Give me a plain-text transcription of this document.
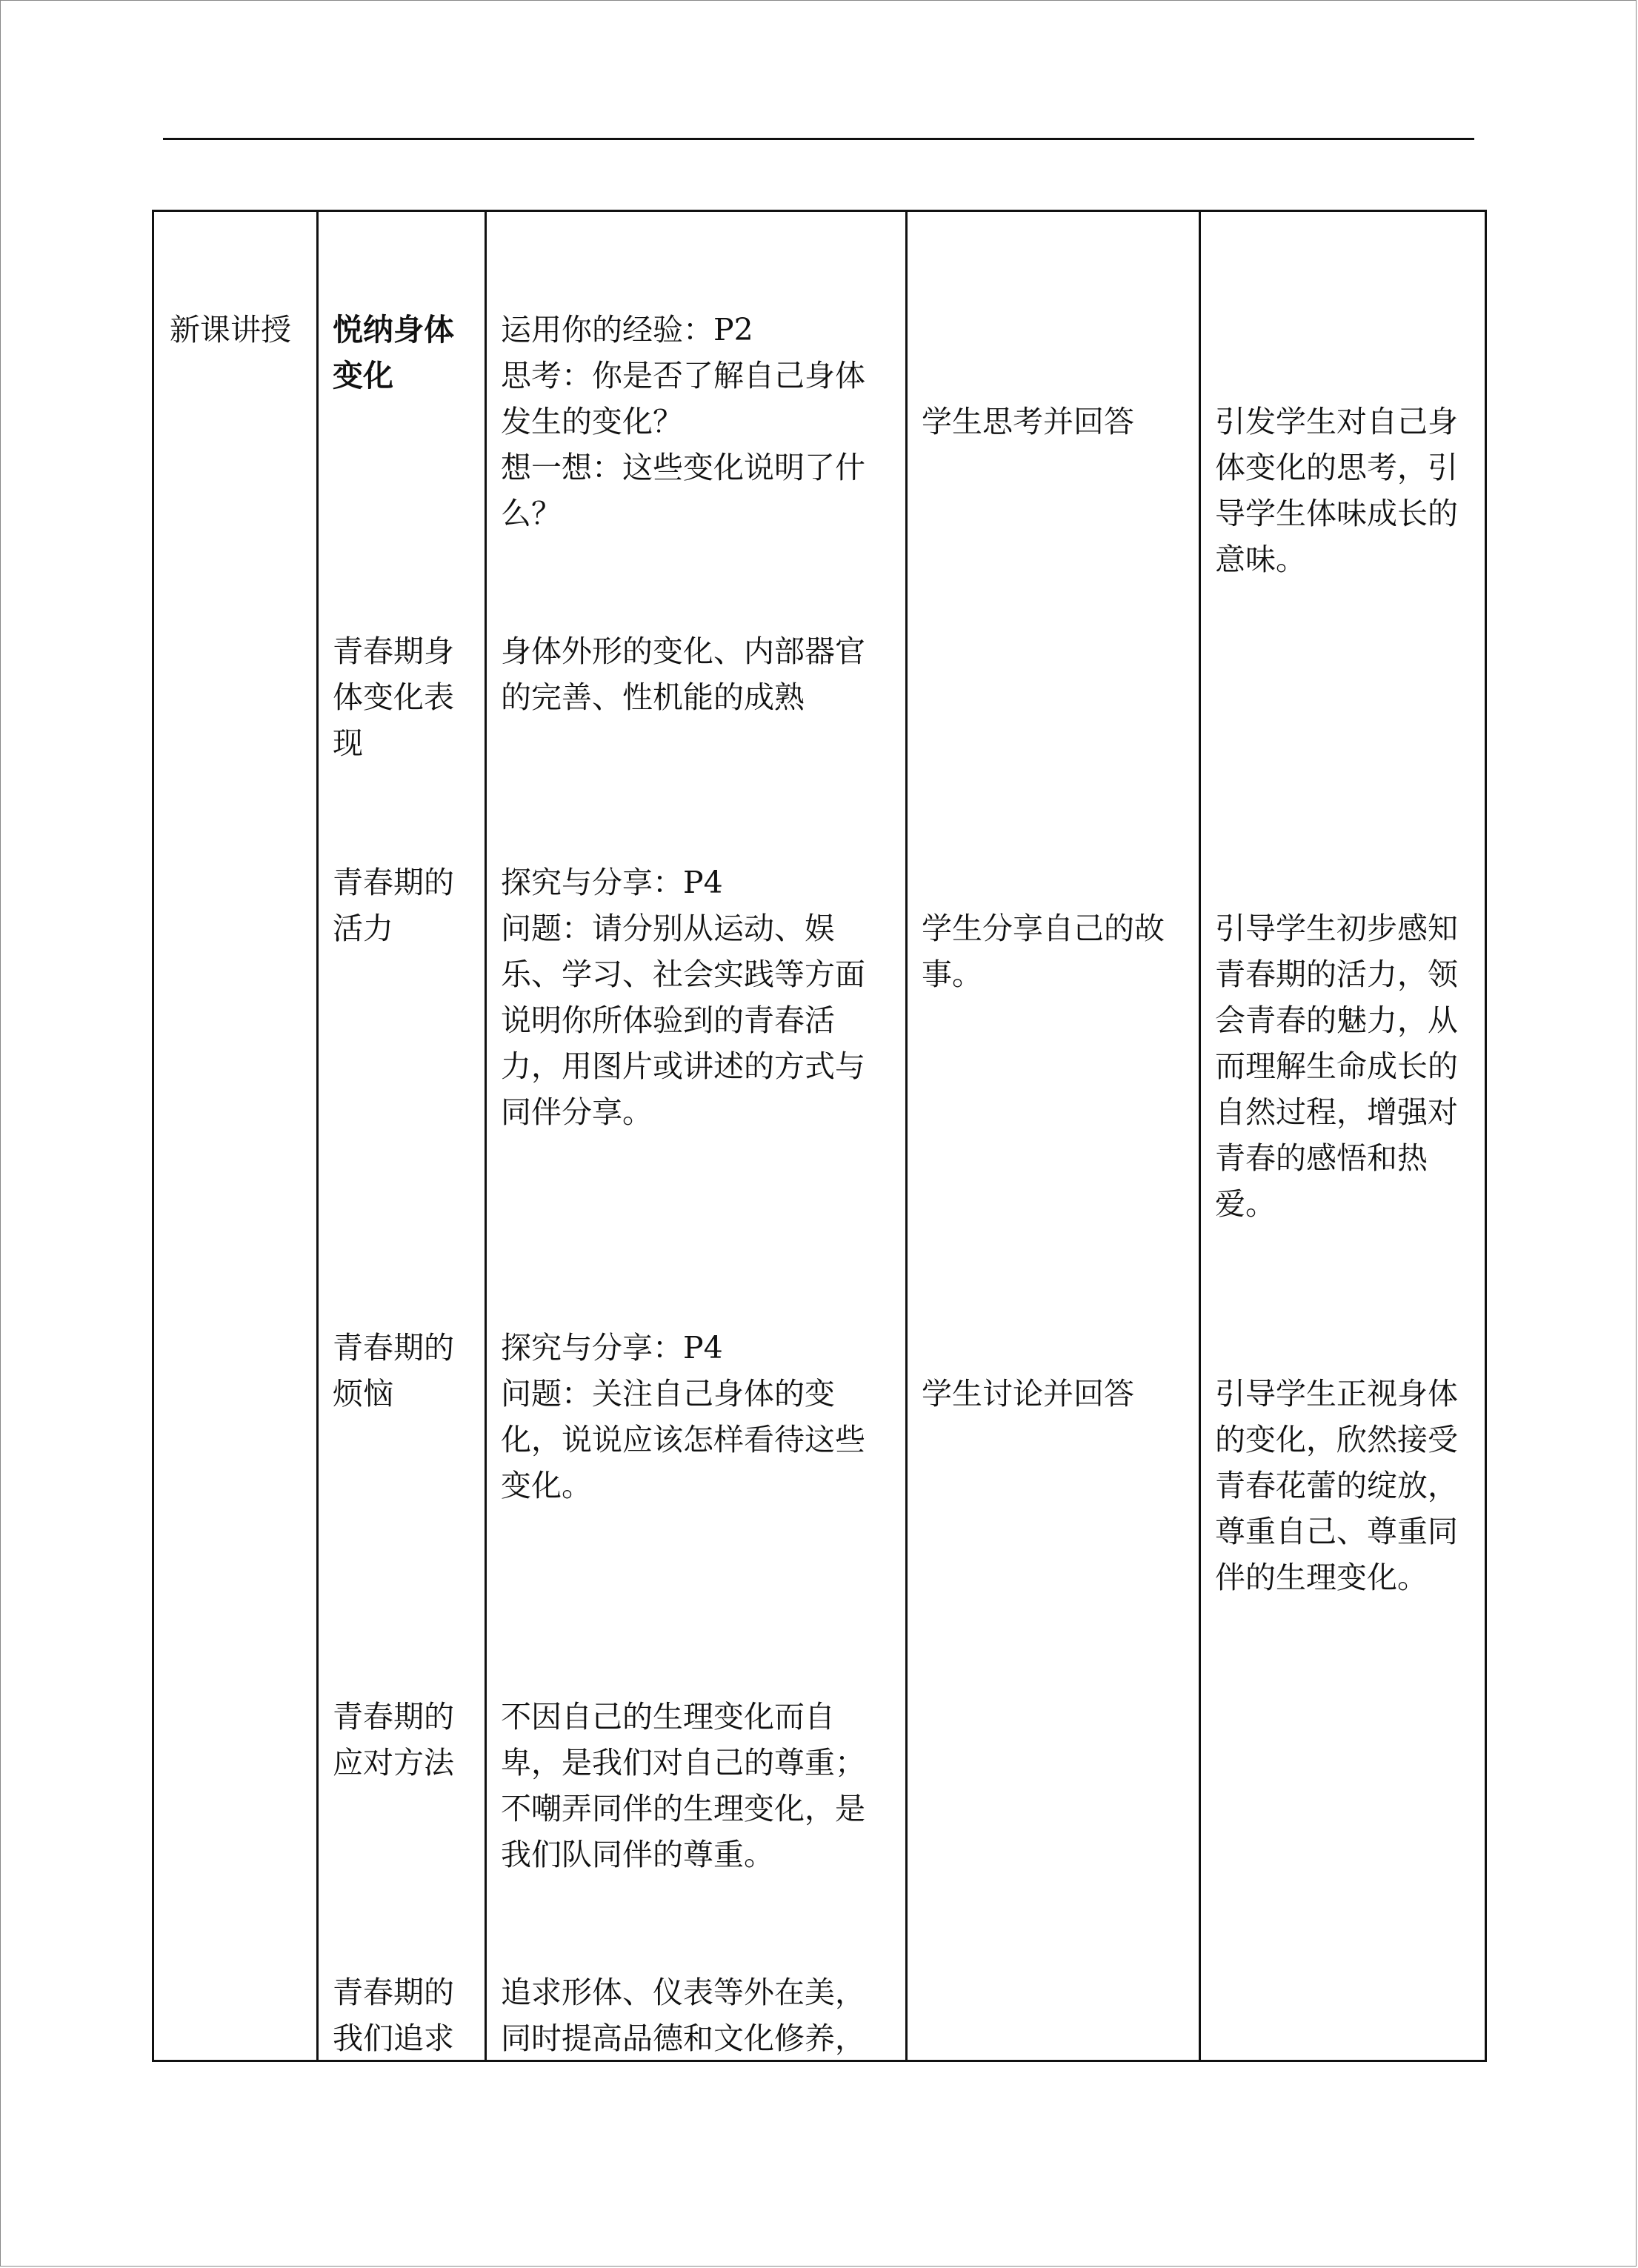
新课讲授 悦纳身体
变化

运用你的经验：P2
思考：你是否了解自己身体
发生的变化？
想一想：这些变化说明了什
么？

学生思考并回答	引发学生对自己身
体变化的思考，引
导学生体味成长的
意味。

青春期身
体变化表
现

身体外形的变化、内部器官
的完善、性机能的成熟

青春期的
活力

探究与分享：P4
问题：请分别从运动、娱
乐、学习、社会实践等方面
说明你所体验到的青春活
力，用图片或讲述的方式与
同伴分享。

学生分享自己的故
事。

引导学生初步感知
青春期的活力，领
会青春的魅力，从
而理解生命成长的
自然过程，增强对
青春的感悟和热
爱。

青春期的
烦恼

探究与分享：P4
问题：关注自己身体的变
化，说说应该怎样看待这些
变化。

学生讨论并回答	引导学生正视身体
的变化，欣然接受
青春花蕾的绽放，
尊重自己、尊重同
伴的生理变化。

青春期的
应对方法

不因自己的生理变化而自
卑，是我们对自己的尊重；
不嘲弄同伴的生理变化，是
我们队同伴的尊重。

青春期的
我们追求

追求形体、仪表等外在美，
同时提高品德和文化修养，
